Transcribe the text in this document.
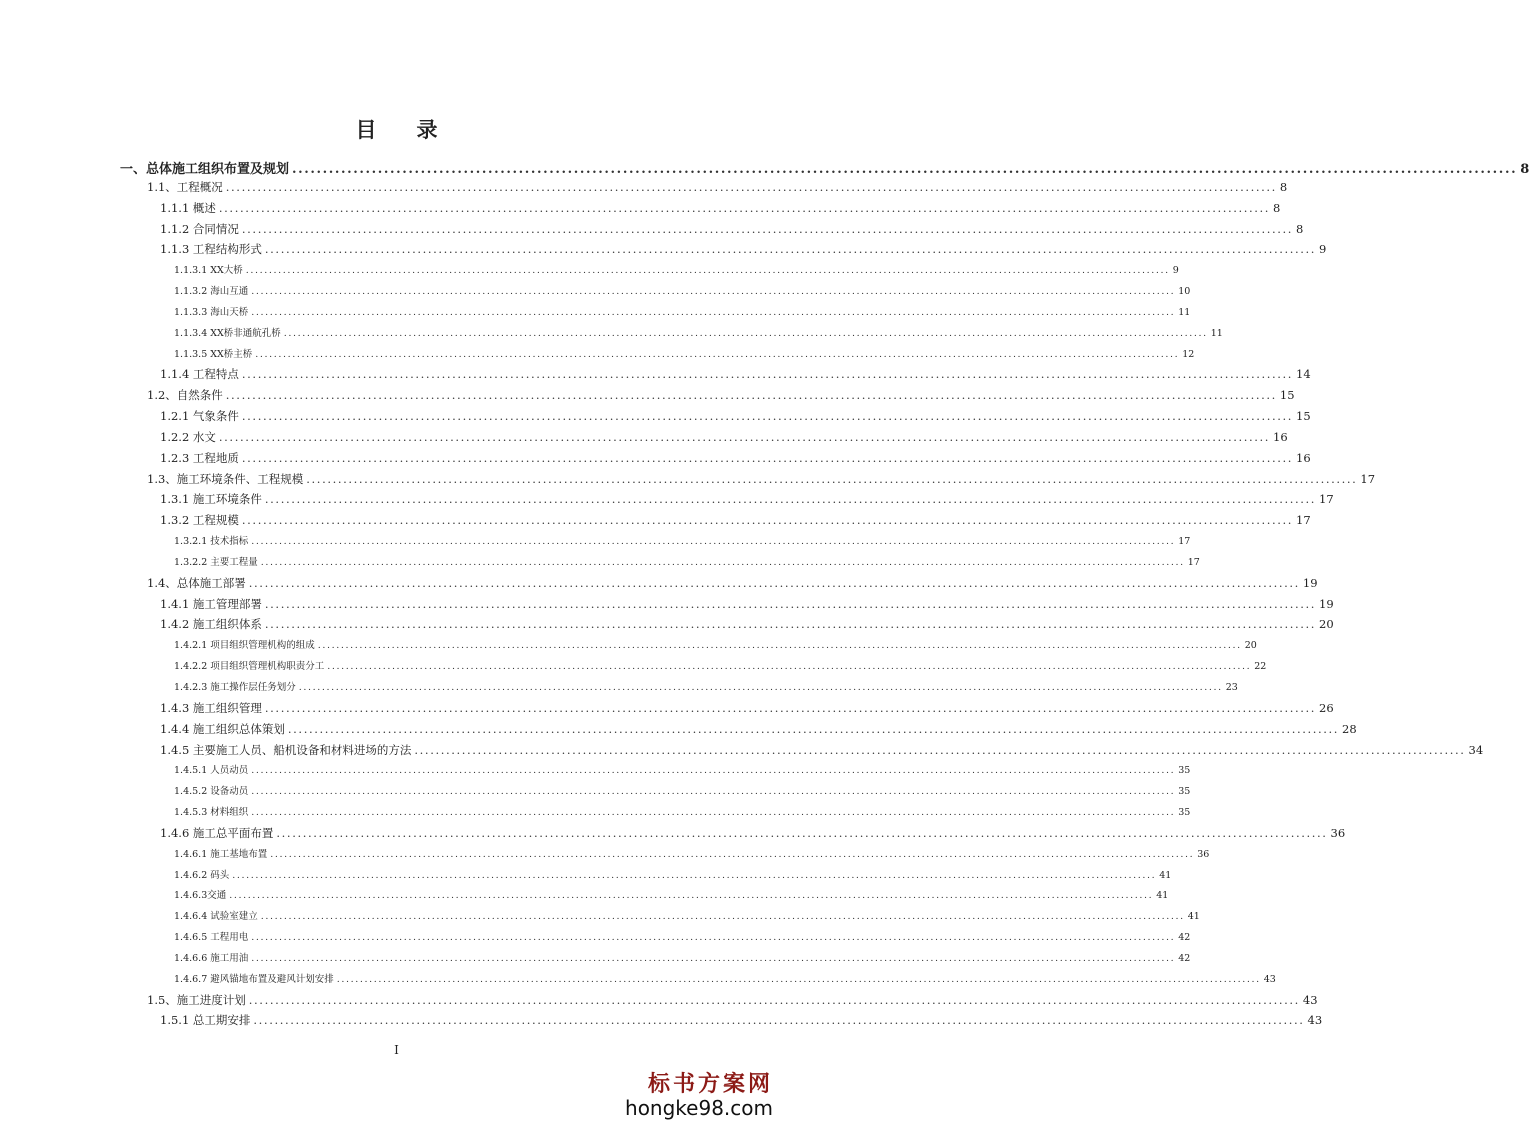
目 录
一、总体施工组织布置及规划 ........................................................................................................................................................................................................ 8
1.1、工程概况 ........................................................................................................................................................................................................ 8
1.1.1 概述 ........................................................................................................................................................................................................ 8
1.1.2 合同情况 ........................................................................................................................................................................................................ 8
1.1.3 工程结构形式 ........................................................................................................................................................................................................ 9
1.1.3.1 XX大桥 ........................................................................................................................................................................................................ 9
1.1.3.2 海山互通 ........................................................................................................................................................................................................ 10
1.1.3.3 海山天桥 ........................................................................................................................................................................................................ 11
1.1.3.4 XX桥非通航孔桥 ........................................................................................................................................................................................................ 11
1.1.3.5 XX桥主桥 ........................................................................................................................................................................................................ 12
1.1.4 工程特点 ........................................................................................................................................................................................................ 14
1.2、自然条件 ........................................................................................................................................................................................................ 15
1.2.1 气象条件 ........................................................................................................................................................................................................ 15
1.2.2 水文 ........................................................................................................................................................................................................ 16
1.2.3 工程地质 ........................................................................................................................................................................................................ 16
1.3、施工环境条件、工程规模 ........................................................................................................................................................................................................ 17
1.3.1 施工环境条件 ........................................................................................................................................................................................................ 17
1.3.2 工程规模 ........................................................................................................................................................................................................ 17
1.3.2.1 技术指标 ........................................................................................................................................................................................................ 17
1.3.2.2 主要工程量 ........................................................................................................................................................................................................ 17
1.4、总体施工部署 ........................................................................................................................................................................................................ 19
1.4.1 施工管理部署 ........................................................................................................................................................................................................ 19
1.4.2 施工组织体系 ........................................................................................................................................................................................................ 20
1.4.2.1 项目组织管理机构的组成 ........................................................................................................................................................................................................ 20
1.4.2.2 项目组织管理机构职责分工 ........................................................................................................................................................................................................ 22
1.4.2.3 施工操作层任务划分 ........................................................................................................................................................................................................ 23
1.4.3 施工组织管理 ........................................................................................................................................................................................................ 26
1.4.4 施工组织总体策划 ........................................................................................................................................................................................................ 28
1.4.5 主要施工人员、船机设备和材料进场的方法 ........................................................................................................................................................................................................ 34
1.4.5.1 人员动员 ........................................................................................................................................................................................................ 35
1.4.5.2 设备动员 ........................................................................................................................................................................................................ 35
1.4.5.3 材料组织 ........................................................................................................................................................................................................ 35
1.4.6 施工总平面布置 ........................................................................................................................................................................................................ 36
1.4.6.1 施工基地布置 ........................................................................................................................................................................................................ 36
1.4.6.2 码头 ........................................................................................................................................................................................................ 41
1.4.6.3交通 ........................................................................................................................................................................................................ 41
1.4.6.4 试验室建立 ........................................................................................................................................................................................................ 41
1.4.6.5 工程用电 ........................................................................................................................................................................................................ 42
1.4.6.6 施工用油 ........................................................................................................................................................................................................ 42
1.4.6.7 避风锚地布置及避风计划安排 ........................................................................................................................................................................................................ 43
1.5、施工进度计划 ........................................................................................................................................................................................................ 43
1.5.1 总工期安排 ........................................................................................................................................................................................................ 43
I
标书方案网
hongke98.com
